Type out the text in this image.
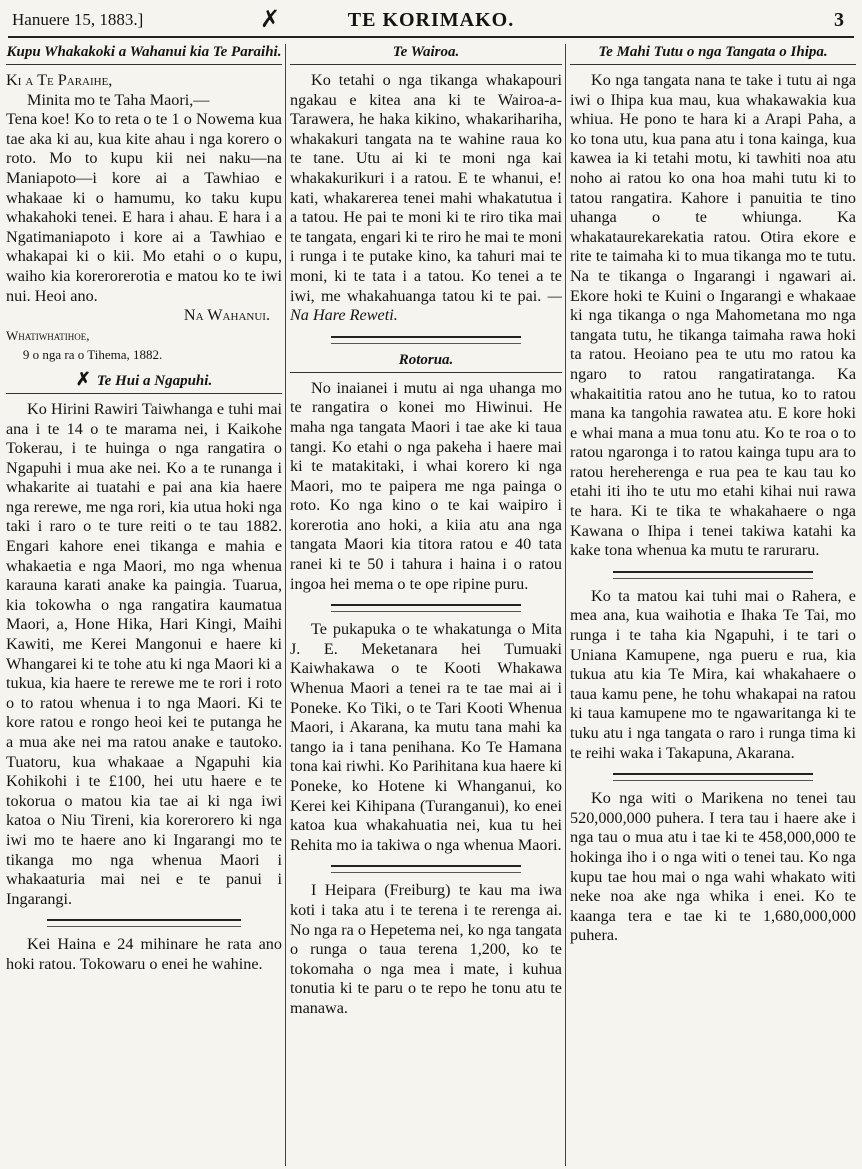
Hanuere 15, 1883.]	✗	TE KORIMAKO.	3
Kupu Whakakoki a Wahanui kia Te Paraihi.

Ki a Te Paraihe,

Minita mo te Taha Maori,—

Tena koe! Ko to reta o te 1 o Nowema kua tae aka ki au, kua kite ahau i nga korero o roto. Mo to kupu kii nei naku—na Maniapoto—i kore ai a Tawhiao e whakaae ki o hamumu, ko taku kupu whakahoki tenei. E hara i ahau. E hara i a Ngatimaniapoto i kore ai a Tawhiao e whakapai ki o kii. Mo etahi o o kupu, waiho kia korerorerotia e matou ko te iwi nui. Heoi ano.

Na Wahanui.

Whatiwhatihoe,

9 o nga ra o Tihema, 1882.

✗ Te Hui a Ngapuhi.

Ko Hirini Rawiri Taiwhanga e tuhi mai ana i te 14 o te marama nei, i Kaikohe Tokerau, i te huinga o nga rangatira o Ngapuhi i mua ake nei. Ko a te runanga i whakarite ai tuatahi e pai ana kia haere nga rerewe, me nga rori, kia utua hoki nga taki i raro o te ture reiti o te tau 1882. Engari kahore enei tikanga e mahia e whakaetia e nga Maori, mo nga whenua karauna karati anake ka paingia. Tuarua, kia tokowha o nga rangatira kaumatua Maori, a, Hone Hika, Hari Kingi, Maihi Kawiti, me Kerei Mangonui e haere ki Whangarei ki te tohe atu ki nga Maori ki a tukua, kia haere te rerewe me te rori i roto o to ratou whenua i to nga Maori. Ki te kore ratou e rongo heoi kei te putanga he a mua ake nei ma ratou anake e tautoko. Tuatoru, kua whakaae a Ngapuhi kia Kohikohi i te £100, hei utu haere e te tokorua o matou kia tae ai ki nga iwi katoa o Niu Tireni, kia korerorero ki nga iwi mo te haere ano ki Ingarangi mo te tikanga mo nga whenua Maori i whakaaturia mai nei e te panui i Ingarangi.

Kei Haina e 24 mihinare he rata ano hoki ratou. Tokowaru o enei he wahine.

Te Wairoa.

Ko tetahi o nga tikanga whakapouri ngakau e kitea ana ki te Wairoa-a-Tarawera, he haka kikino, whakarihariha, whakakuri tangata na te wahine raua ko te tane. Utu ai ki te moni nga kai whakakurikuri i a ratou. E te whanui, e! kati, whakarerea tenei mahi whakatutua i a tatou. He pai te moni ki te riro tika mai te tangata, engari ki te riro he mai te moni i runga i te putake kino, ka tahuri mai te moni, ki te tata i a tatou. Ko tenei a te iwi, me whakahuanga tatou ki te pai. —Na Hare Reweti.

Rotorua.

No inaianei i mutu ai nga uhanga mo te rangatira o konei mo Hiwinui. He maha nga tangata Maori i tae ake ki taua tangi. Ko etahi o nga pakeha i haere mai ki te matakitaki, i whai korero ki nga Maori, mo te paipera me nga painga o roto. Ko nga kino o te kai waipiro i korerotia ano hoki, a kiia atu ana nga tangata Maori kia titora ratou e 40 tata ranei ki te 50 i tahura i haina i o ratou ingoa hei mema o te ope ripine puru.

Te pukapuka o te whakatunga o Mita J. E. Meketanara hei Tumuaki Kaiwhakawa o te Kooti Whakawa Whenua Maori a tenei ra te tae mai ai i Poneke. Ko Tiki, o te Tari Kooti Whenua Maori, i Akarana, ka mutu tana mahi ka tango ia i tana penihana. Ko Te Hamana tona kai riwhi. Ko Parihitana kua haere ki Poneke, ko Hotene ki Whanganui, ko Kerei kei Kihipana (Turanganui), ko enei katoa kua whakahuatia nei, kua tu hei Rehita mo ia takiwa o nga whenua Maori.

I Heipara (Freiburg) te kau ma iwa koti i taka atu i te terena i te rerenga ai. No nga ra o Hepetema nei, ko nga tangata o runga o taua terena 1,200, ko te tokomaha o nga mea i mate, i kuhua tonutia ki te paru o te repo he tonu atu te manawa.

Te Mahi Tutu o nga Tangata o Ihipa.

Ko nga tangata nana te take i tutu ai nga iwi o Ihipa kua mau, kua whakawakia kua whiua. He pono te hara ki a Arapi Paha, a ko tona utu, kua pana atu i tona kainga, kua kawea ia ki tetahi motu, ki tawhiti noa atu noho ai ratou ko ona hoa mahi tutu ki to tatou rangatira. Kahore i panuitia te tino uhanga o te whiunga. Ka whakataurekarekatia ratou. Otira ekore e rite te taimaha ki to mua tikanga mo te tutu. Na te tikanga o Ingarangi i ngawari ai. Ekore hoki te Kuini o Ingarangi e whakaae ki nga tikanga o nga Mahometana mo nga tangata tutu, he tikanga taimaha rawa hoki ta ratou. Heoiano pea te utu mo ratou ka ngaro to ratou rangatiratanga. Ka whakaititia ratou ano he tutua, ko to ratou mana ka tangohia rawatea atu. E kore hoki e whai mana a mua tonu atu. Ko te roa o to ratou ngaronga i to ratou kainga tupu ara to ratou hereherenga e rua pea te kau tau ko etahi iti iho te utu mo etahi kihai nui rawa te hara. Ki te tika te whakahaere o nga Kawana o Ihipa i tenei takiwa katahi ka kake tona whenua ka mutu te raruraru.

Ko ta matou kai tuhi mai o Rahera, e mea ana, kua waihotia e Ihaka Te Tai, mo runga i te taha kia Ngapuhi, i te tari o Uniana Kamupene, nga pueru e rua, kia tukua atu kia Te Mira, kai whakahaere o taua kamu pene, he tohu whakapai na ratou ki taua kamupene mo te ngawaritanga ki te tuku atu i nga tangata o raro i runga tima ki te reihi waka i Takapuna, Akarana.

Ko nga witi o Marikena no tenei tau 520,000,000 puhera. I tera tau i haere ake i nga tau o mua atu i tae ki te 458,000,000 te hokinga iho i o nga witi o tenei tau. Ko nga kupu tae hou mai o nga wahi whakato witi neke noa ake nga whika i enei. Ko te kaanga tera e tae ki te 1,680,000,000 puhera.
